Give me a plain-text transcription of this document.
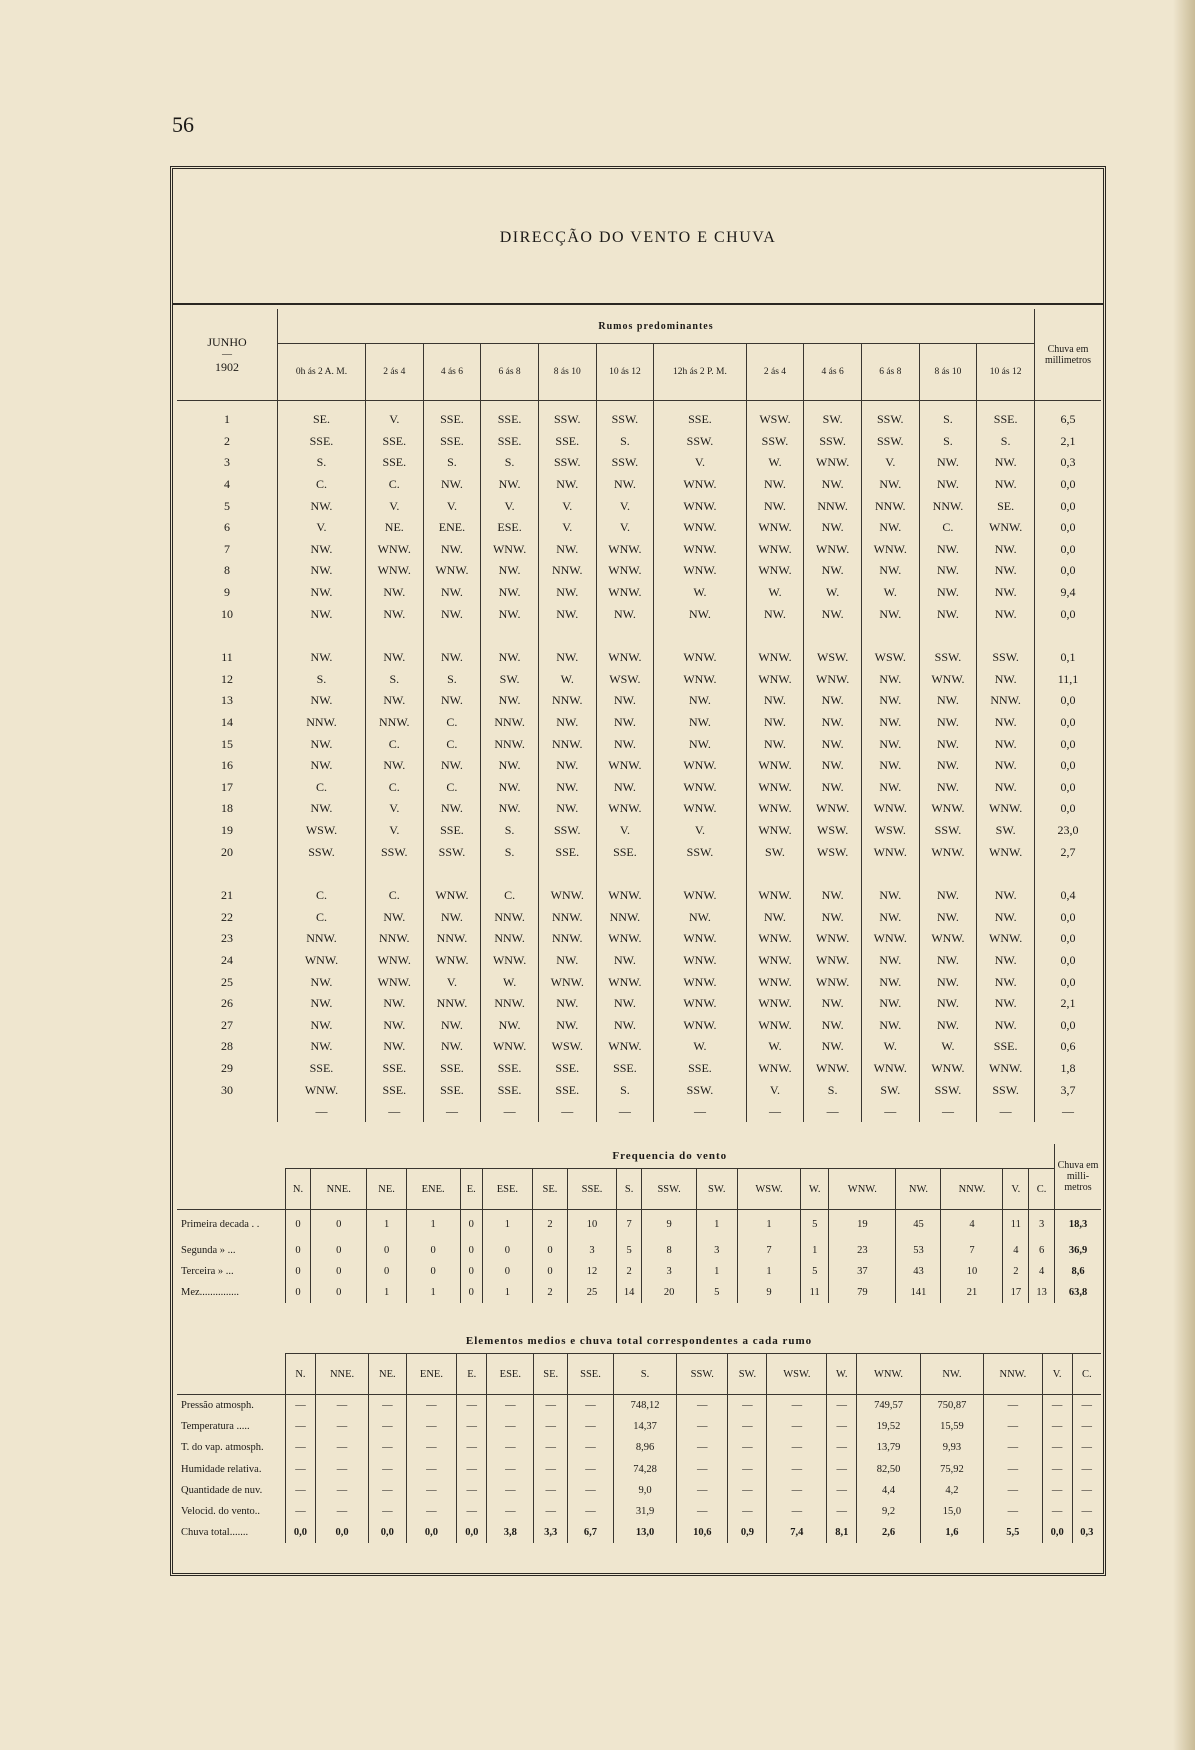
56
DIRECÇÃO DO VENTO E CHUVA
JUNHO
—
1902	Rumos predominantes												Chuva em millimetros
	0h ás 2 A. M.	2 ás 4	4 ás 6	6 ás 8	8 ás 10	10 ás 12	12h ás 2 P. M.	2 ás 4	4 ás 6	6 ás 8	8 ás 10	10 ás 12	

1	SE.	V.	SSE.	SSE.	SSW.	SSW.	SSE.	WSW.	SW.	SSW.	S.	SSE.	6,5
2	SSE.	SSE.	SSE.	SSE.	SSE.	S.	SSW.	SSW.	SSW.	SSW.	S.	S.	2,1
3	S.	SSE.	S.	S.	SSW.	SSW.	V.	W.	WNW.	V.	NW.	NW.	0,3
4	C.	C.	NW.	NW.	NW.	NW.	WNW.	NW.	NW.	NW.	NW.	NW.	0,0
5	NW.	V.	V.	V.	V.	V.	WNW.	NW.	NNW.	NNW.	NNW.	SE.	0,0
6	V.	NE.	ENE.	ESE.	V.	V.	WNW.	WNW.	NW.	NW.	C.	WNW.	0,0
7	NW.	WNW.	NW.	WNW.	NW.	WNW.	WNW.	WNW.	WNW.	WNW.	NW.	NW.	0,0
8	NW.	WNW.	WNW.	NW.	NNW.	WNW.	WNW.	WNW.	NW.	NW.	NW.	NW.	0,0
9	NW.	NW.	NW.	NW.	NW.	WNW.	W.	W.	W.	W.	NW.	NW.	9,4
10	NW.	NW.	NW.	NW.	NW.	NW.	NW.	NW.	NW.	NW.	NW.	NW.	0,0

11	NW.	NW.	NW.	NW.	NW.	WNW.	WNW.	WNW.	WSW.	WSW.	SSW.	SSW.	0,1
12	S.	S.	S.	SW.	W.	WSW.	WNW.	WNW.	WNW.	NW.	WNW.	NW.	11,1
13	NW.	NW.	NW.	NW.	NNW.	NW.	NW.	NW.	NW.	NW.	NW.	NNW.	0,0
14	NNW.	NNW.	C.	NNW.	NW.	NW.	NW.	NW.	NW.	NW.	NW.	NW.	0,0
15	NW.	C.	C.	NNW.	NNW.	NW.	NW.	NW.	NW.	NW.	NW.	NW.	0,0
16	NW.	NW.	NW.	NW.	NW.	WNW.	WNW.	WNW.	NW.	NW.	NW.	NW.	0,0
17	C.	C.	C.	NW.	NW.	NW.	WNW.	WNW.	NW.	NW.	NW.	NW.	0,0
18	NW.	V.	NW.	NW.	NW.	WNW.	WNW.	WNW.	WNW.	WNW.	WNW.	WNW.	0,0
19	WSW.	V.	SSE.	S.	SSW.	V.	V.	WNW.	WSW.	WSW.	SSW.	SW.	23,0
20	SSW.	SSW.	SSW.	S.	SSE.	SSE.	SSW.	SW.	WSW.	WNW.	WNW.	WNW.	2,7

21	C.	C.	WNW.	C.	WNW.	WNW.	WNW.	WNW.	NW.	NW.	NW.	NW.	0,4
22	C.	NW.	NW.	NNW.	NNW.	NNW.	NW.	NW.	NW.	NW.	NW.	NW.	0,0
23	NNW.	NNW.	NNW.	NNW.	NNW.	WNW.	WNW.	WNW.	WNW.	WNW.	WNW.	WNW.	0,0
24	WNW.	WNW.	WNW.	WNW.	NW.	NW.	WNW.	WNW.	WNW.	NW.	NW.	NW.	0,0
25	NW.	WNW.	V.	W.	WNW.	WNW.	WNW.	WNW.	WNW.	NW.	NW.	NW.	0,0
26	NW.	NW.	NNW.	NNW.	NW.	NW.	WNW.	WNW.	NW.	NW.	NW.	NW.	2,1
27	NW.	NW.	NW.	NW.	NW.	NW.	WNW.	WNW.	NW.	NW.	NW.	NW.	0,0
28	NW.	NW.	NW.	WNW.	WSW.	WNW.	W.	W.	NW.	W.	W.	SSE.	0,6
29	SSE.	SSE.	SSE.	SSE.	SSE.	SSE.	SSE.	WNW.	WNW.	WNW.	WNW.	WNW.	1,8
30	WNW.	SSE.	SSE.	SSE.	SSE.	S.	SSW.	V.	S.	SW.	SSW.	SSW.	3,7
	—	—	—	—	—	—	—	—	—	—	—	—	—
	Frequencia do vento																		Chuva em milli-metros
	N.	NNE.	NE.	ENE.	E.	ESE.	SE.	SSE.	S.	SSW.	SW.	WSW.	W.	WNW.	NW.	NNW.	V.	C.	
Primeira decada . .	0	0	1	1	0	1	2	10	7	9	1	1	5	19	45	4	11	3	18,3
Segunda » ...	0	0	0	0	0	0	0	3	5	8	3	7	1	23	53	7	4	6	36,9
Terceira » ...	0	0	0	0	0	0	0	12	2	3	1	1	5	37	43	10	2	4	8,6
Mez...............	0	0	1	1	0	1	2	25	14	20	5	9	11	79	141	21	17	13	63,8
Elementos medios e chuva total correspondentes a cada rumo																		
	N.	NNE.	NE.	ENE.	E.	ESE.	SE.	SSE.	S.	SSW.	SW.	WSW.	W.	WNW.	NW.	NNW.	V.	C.
Pressão atmosph.	—	—	—	—	—	—	—	—	748,12	—	—	—	—	749,57	750,87	—	—	—
Temperatura .....	—	—	—	—	—	—	—	—	14,37	—	—	—	—	19,52	15,59	—	—	—
T. do vap. atmosph.	—	—	—	—	—	—	—	—	8,96	—	—	—	—	13,79	9,93	—	—	—
Humidade relativa.	—	—	—	—	—	—	—	—	74,28	—	—	—	—	82,50	75,92	—	—	—
Quantidade de nuv.	—	—	—	—	—	—	—	—	9,0	—	—	—	—	4,4	4,2	—	—	—
Velocid. do vento..	—	—	—	—	—	—	—	—	31,9	—	—	—	—	9,2	15,0	—	—	—
Chuva total.......	0,0	0,0	0,0	0,0	0,0	3,8	3,3	6,7	13,0	10,6	0,9	7,4	8,1	2,6	1,6	5,5	0,0	0,3
